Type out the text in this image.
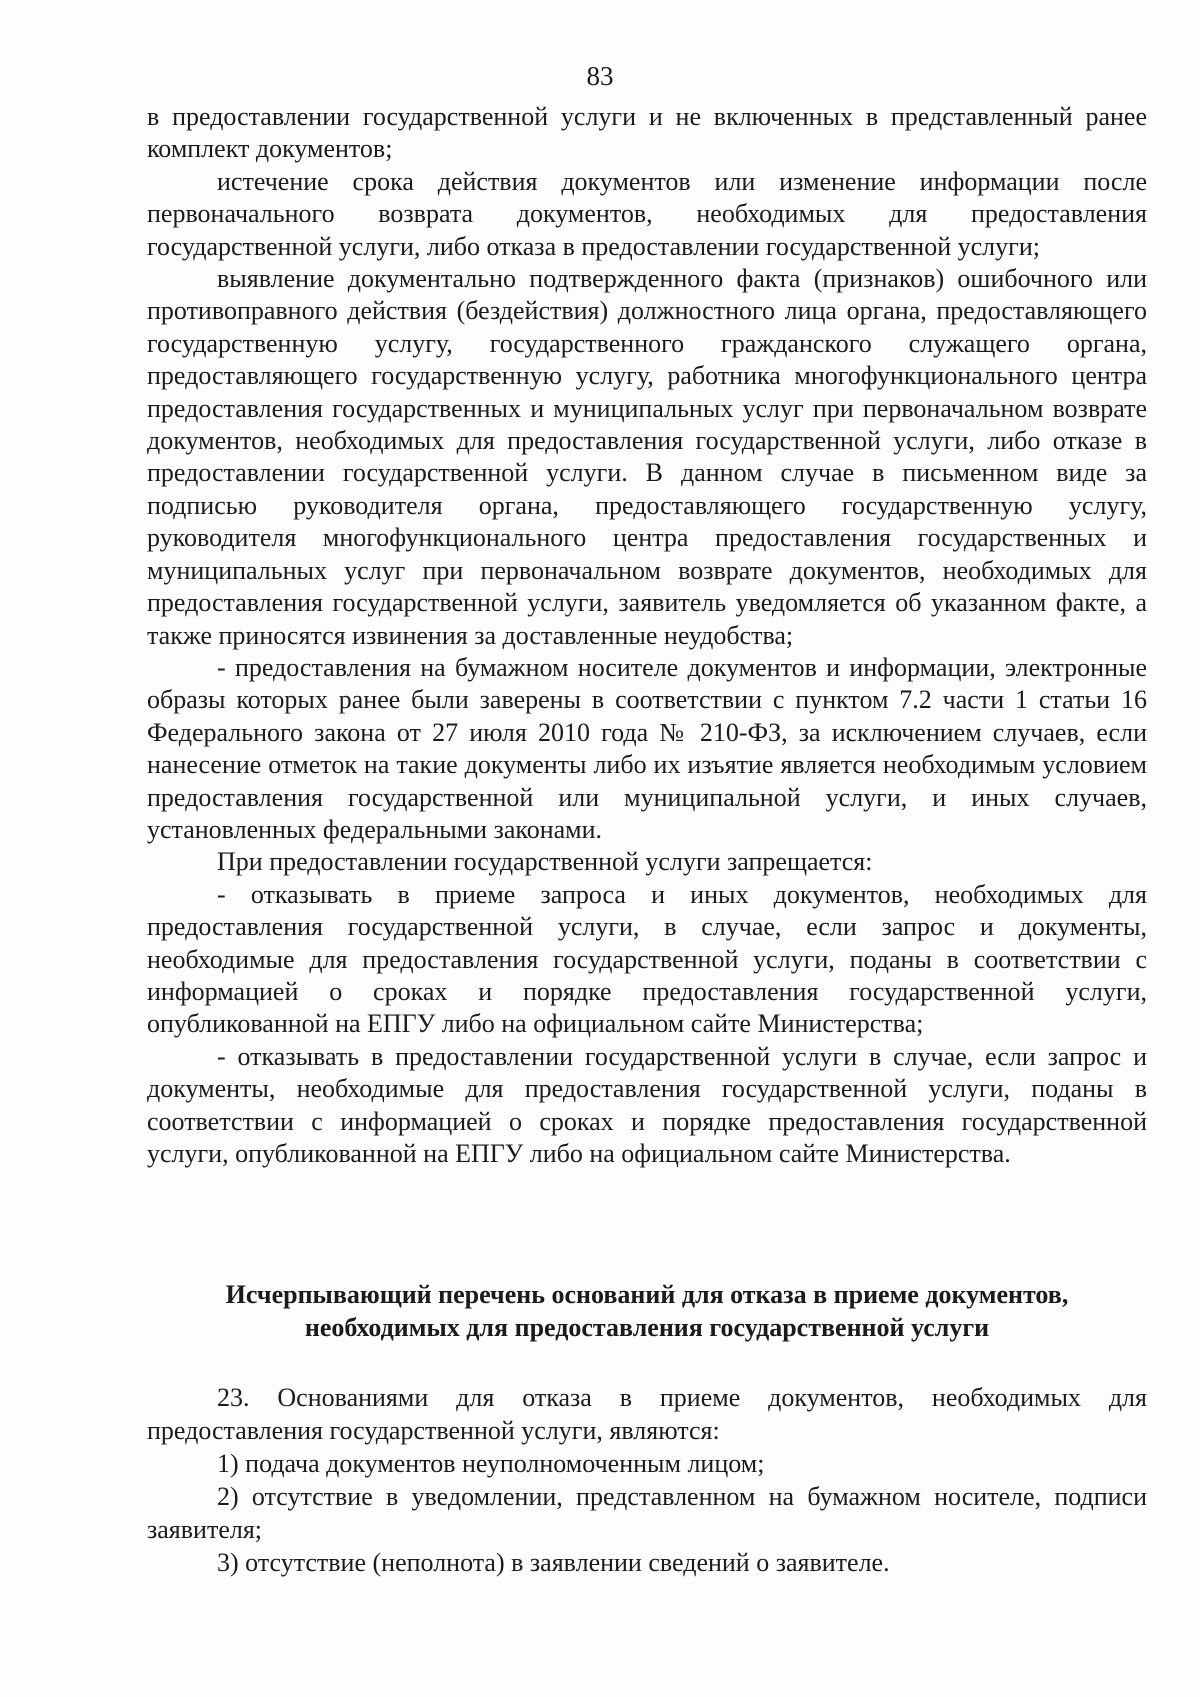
83

в предоставлении государственной услуги и не включенных в представленный ранее комплект документов;

истечение срока действия документов или изменение информации после первоначального возврата документов, необходимых для предоставления государственной услуги, либо отказа в предоставлении государственной услуги;

выявление документально подтвержденного факта (признаков) ошибочного или противоправного действия (бездействия) должностного лица органа, предоставляющего государственную услугу, государственного гражданского служащего органа, предоставляющего государственную услугу, работника многофункционального центра предоставления государственных и муниципальных услуг при первоначальном возврате документов, необходимых для предоставления государственной услуги, либо отказе в предоставлении государственной услуги. В данном случае в письменном виде за подписью руководителя органа, предоставляющего государственную услугу, руководителя многофункционального центра предоставления государственных и муниципальных услуг при первоначальном возврате документов, необходимых для предоставления государственной услуги, заявитель уведомляется об указанном факте, а также приносятся извинения за доставленные неудобства;

- предоставления на бумажном носителе документов и информации, электронные образы которых ранее были заверены в соответствии с пунктом 7.2 части 1 статьи 16 Федерального закона от 27 июля 2010 года № 210-ФЗ, за исключением случаев, если нанесение отметок на такие документы либо их изъятие является необходимым условием предоставления государственной или муниципальной услуги, и иных случаев, установленных федеральными законами.

При предоставлении государственной услуги запрещается:

- отказывать в приеме запроса и иных документов, необходимых для предоставления государственной услуги, в случае, если запрос и документы, необходимые для предоставления государственной услуги, поданы в соответствии с информацией о сроках и порядке предоставления государственной услуги, опубликованной на ЕПГУ либо на официальном сайте Министерства;

- отказывать в предоставлении государственной услуги в случае, если запрос и документы, необходимые для предоставления государственной услуги, поданы в соответствии с информацией о сроках и порядке предоставления государственной услуги, опубликованной на ЕПГУ либо на официальном сайте Министерства.

Исчерпывающий перечень оснований для отказа в приеме документов,
необходимых для предоставления государственной услуги

23. Основаниями для отказа в приеме документов, необходимых для предоставления государственной услуги, являются:

1) подача документов неуполномоченным лицом;

2) отсутствие в уведомлении, представленном на бумажном носителе, подписи заявителя;

3) отсутствие (неполнота) в заявлении сведений о заявителе.
